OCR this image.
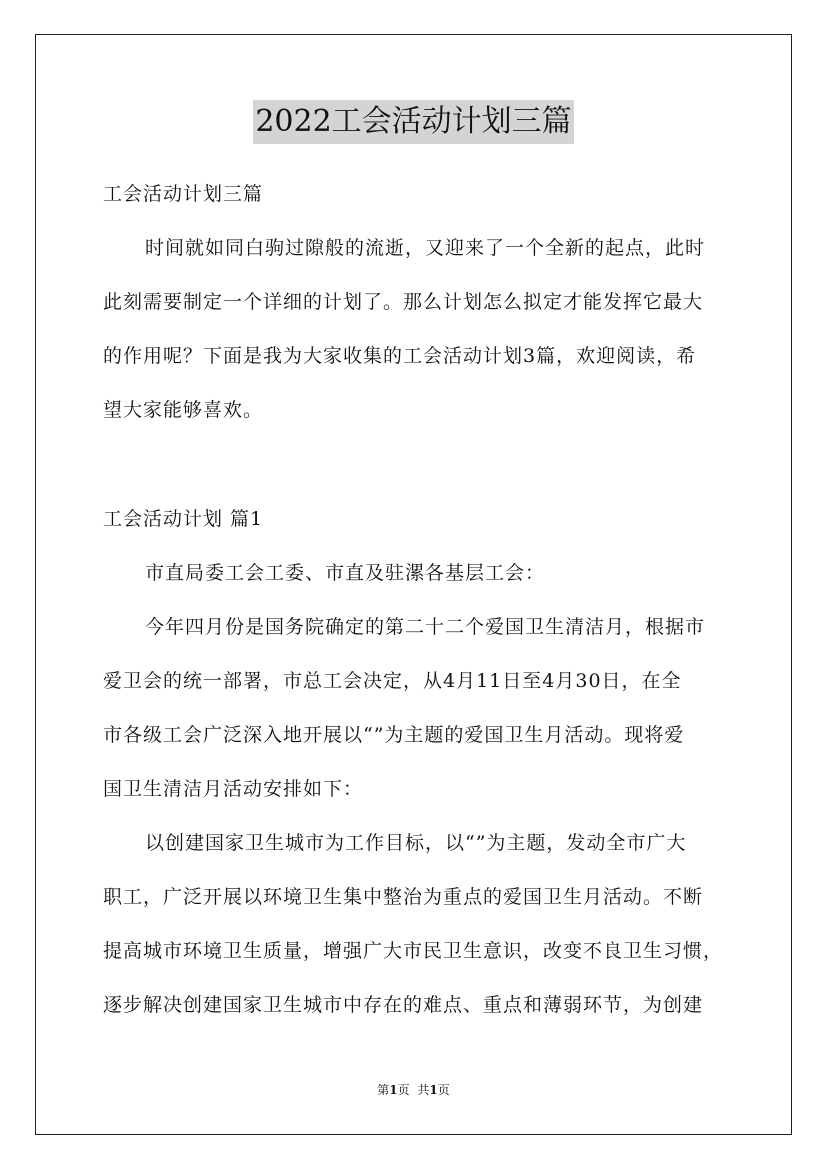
2022工会活动计划三篇
工会活动计划三篇
时间就如同白驹过隙般的流逝，又迎来了一个全新的起点，此时
此刻需要制定一个详细的计划了。那么计划怎么拟定才能发挥它最大
的作用呢？下面是我为大家收集的工会活动计划3篇，欢迎阅读，希
望大家能够喜欢。
工会活动计划 篇1
市直局委工会工委、市直及驻漯各基层工会：
今年四月份是国务院确定的第二十二个爱国卫生清洁月，根据市
爱卫会的统一部署，市总工会决定，从4月11日至4月30日，在全
市各级工会广泛深入地开展以“”为主题的爱国卫生月活动。现将爱
国卫生清洁月活动安排如下：
以创建国家卫生城市为工作目标，以“”为主题，发动全市广大
职工，广泛开展以环境卫生集中整治为重点的爱国卫生月活动。不断
提高城市环境卫生质量，增强广大市民卫生意识，改变不良卫生习惯，
逐步解决创建国家卫生城市中存在的难点、重点和薄弱环节，为创建
第1页 共1页
